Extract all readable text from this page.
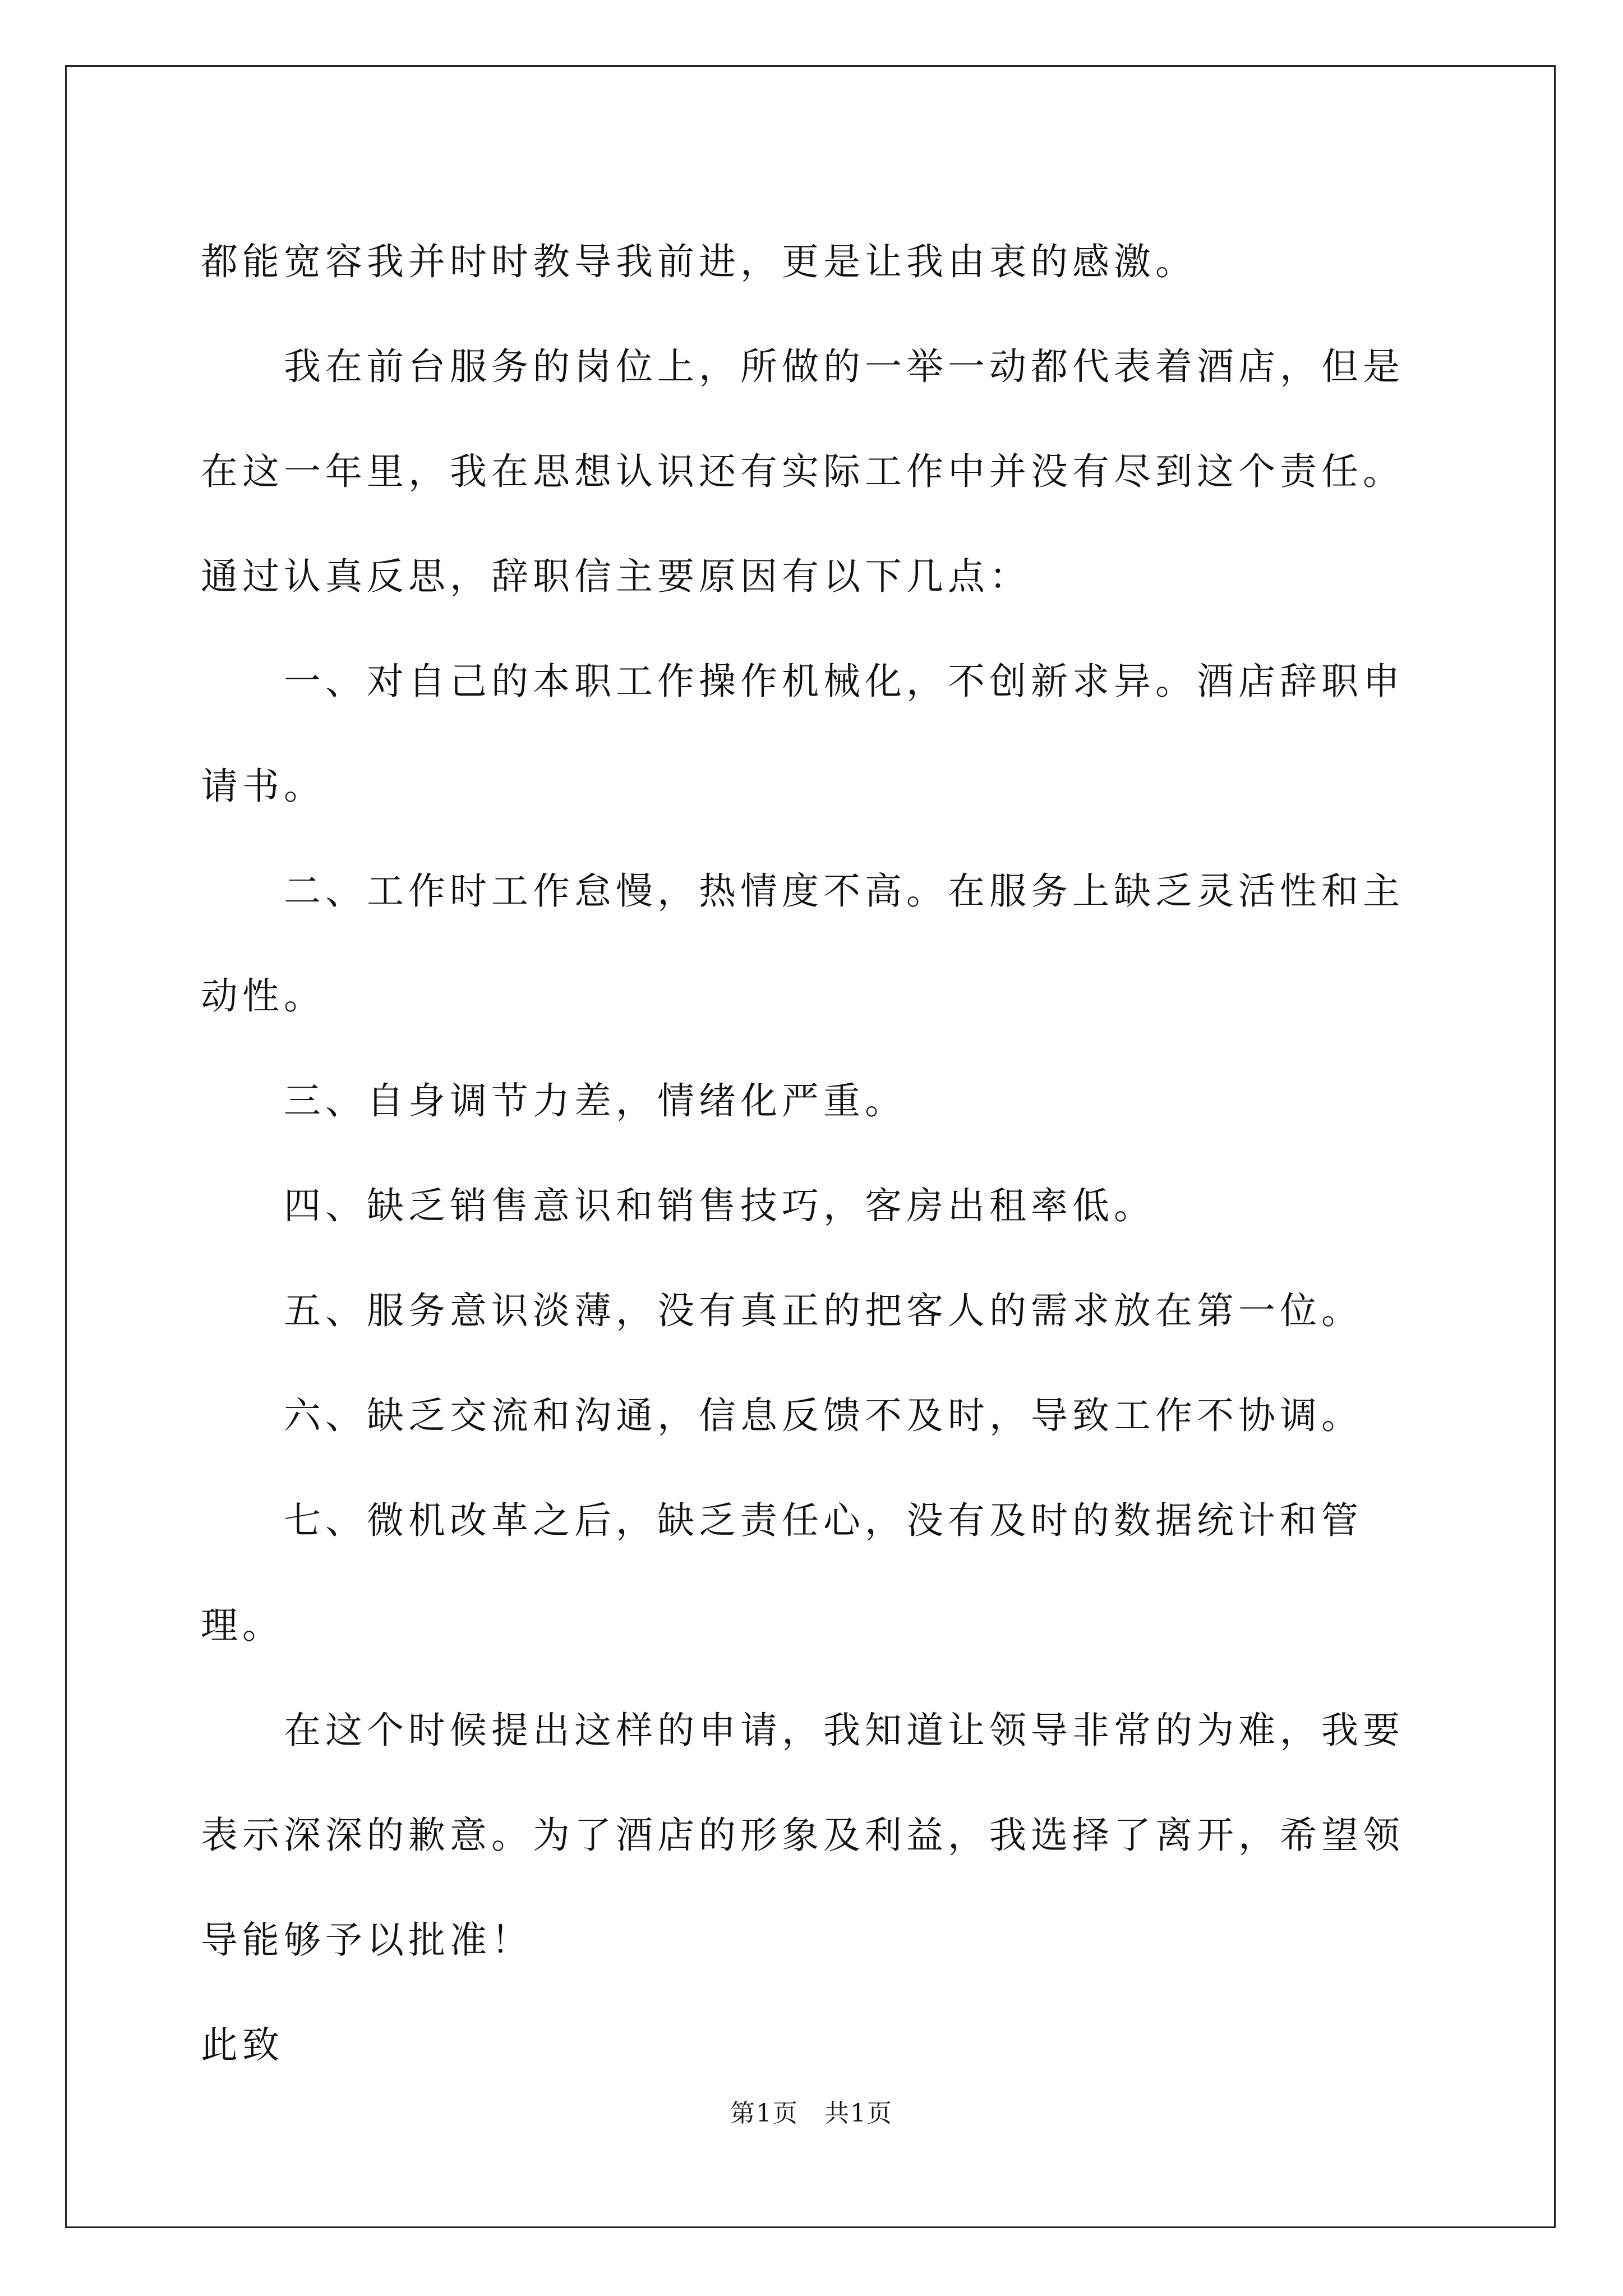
都能宽容我并时时教导我前进，更是让我由衷的感激。

我在前台服务的岗位上，所做的一举一动都代表着酒店，但是在这一年里，我在思想认识还有实际工作中并没有尽到这个责任。通过认真反思，辞职信主要原因有以下几点：

一、对自己的本职工作操作机械化，不创新求异。酒店辞职申请书。

二、工作时工作怠慢，热情度不高。在服务上缺乏灵活性和主动性。

三、自身调节力差，情绪化严重。

四、缺乏销售意识和销售技巧，客房出租率低。

五、服务意识淡薄，没有真正的把客人的需求放在第一位。

六、缺乏交流和沟通，信息反馈不及时，导致工作不协调。

七、微机改革之后，缺乏责任心，没有及时的数据统计和管理。

在这个时候提出这样的申请，我知道让领导非常的为难，我要表示深深的歉意。为了酒店的形象及利益，我选择了离开，希望领导能够予以批准！

此致

第1页　共1页
